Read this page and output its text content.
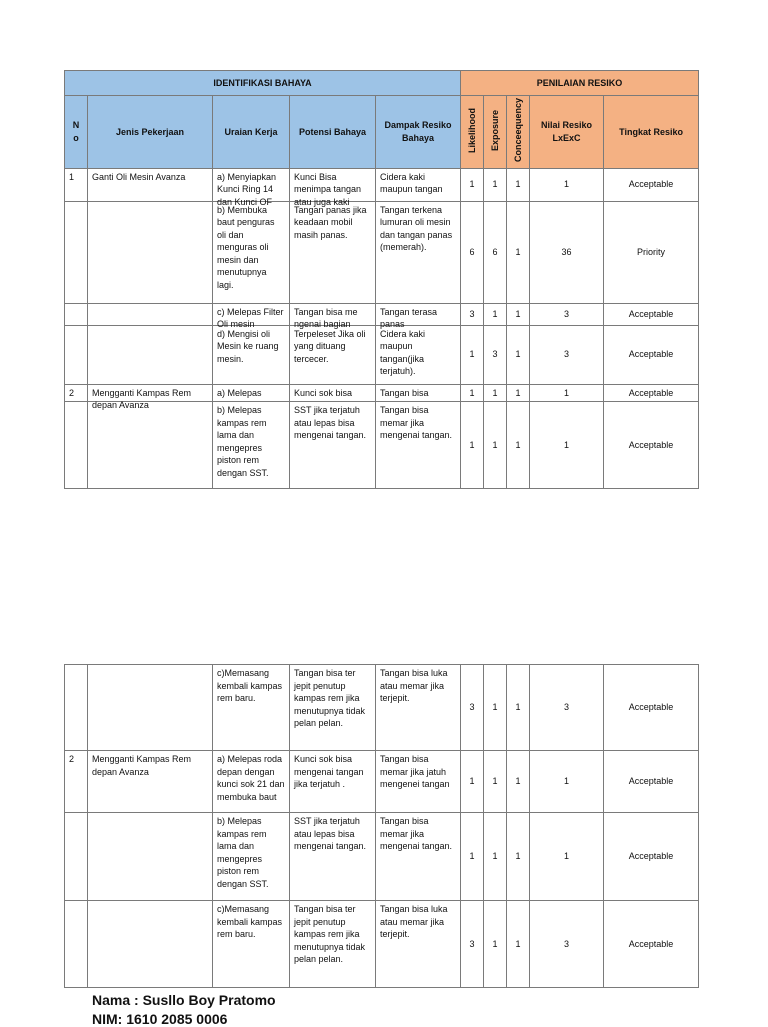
IDENTIFIKASI BAHAYA					PENILAIAN RESIKO				
N
o	Jenis Pekerjaan	Uraian Kerja	Potensi Bahaya	Dampak Resiko Bahaya	Likelihood	Exposure	Conceequency	Nilai Resiko LxExC	Tingkat Resiko

1	Ganti Oli Mesin Avanza	a) Menyiapkan Kunci Ring 14 dan Kunci OF	Kunci Bisa menimpa tangan atau juga kaki	Cidera kaki maupun tangan	1	1	1	1	Acceptable

		b) Membuka baut penguras oli dan menguras oli mesin dan menutupnya lagi.	Tangan panas jika keadaan mobil masih panas.	Tangan terkena lumuran oli mesin dan tangan panas (memerah).	6	6	1	36	Priority

		c) Melepas Filter Oli mesin	Tangan bisa me ngenai bagian	Tangan terasa panas	3	1	1	3	Acceptable

		d) Mengisi oli Mesin ke ruang mesin.	Terpeleset Jika oli yang dituang tercecer.	Cidera kaki maupun tangan(jika terjatuh).	1	3	1	3	Acceptable

2	Mengganti Kampas Rem depan Avanza	a) Melepas	Kunci sok bisa	Tangan bisa	1	1	1	1	Acceptable

		b) Melepas kampas rem lama dan mengepres piston rem dengan SST.	SST jika terjatuh atau lepas bisa mengenai tangan.	Tangan bisa memar jika mengenai tangan.	1	1	1	1	Acceptable

		c)Memasang kembali kampas rem baru.	Tangan bisa ter jepit penutup kampas rem jika menutupnya tidak pelan pelan.	Tangan bisa luka atau memar jika terjepit.	3	1	1	3	Acceptable

2	Mengganti Kampas Rem depan Avanza	a) Melepas roda depan dengan kunci sok 21 dan membuka baut	Kunci sok bisa mengenai tangan jika terjatuh .	Tangan bisa memar jika jatuh mengenei tangan	1	1	1	1	Acceptable

		b) Melepas kampas rem lama dan mengepres piston rem dengan SST.	SST jika terjatuh atau lepas bisa mengenai tangan.	Tangan bisa memar jika mengenai tangan.	1	1	1	1	Acceptable

		c)Memasang kembali kampas rem baru.	Tangan bisa ter jepit penutup kampas rem jika menutupnya tidak pelan pelan.	Tangan bisa luka atau memar jika terjepit.	3	1	1	3	Acceptable
Nama : Susllo Boy Pratomo
NIM: 1610 2085 0006
